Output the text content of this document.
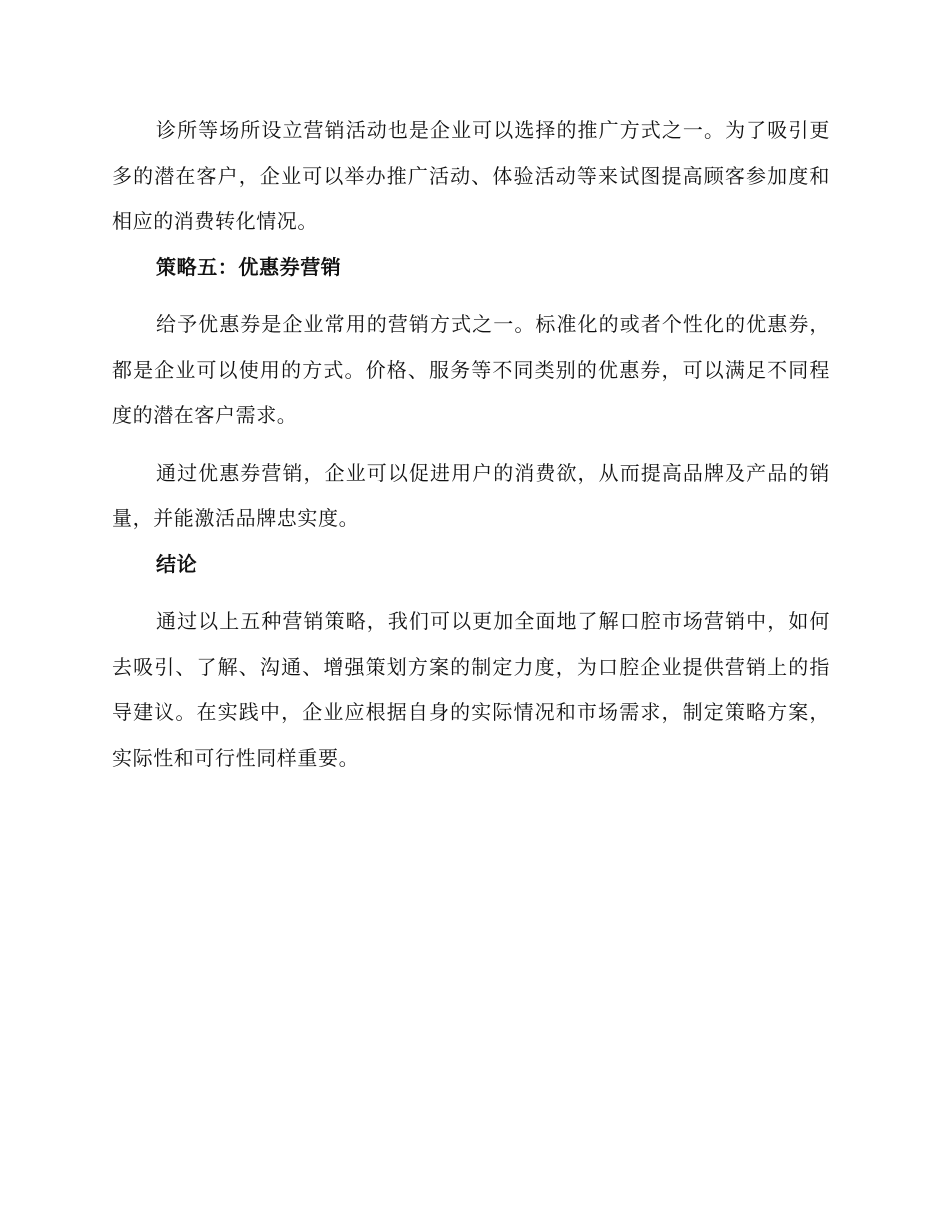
诊所等场所设立营销活动也是企业可以选择的推广方式之一。为了吸引更多的潜在客户，企业可以举办推广活动、体验活动等来试图提高顾客参加度和相应的消费转化情况。

策略五：优惠券营销

给予优惠券是企业常用的营销方式之一。标准化的或者个性化的优惠券，都是企业可以使用的方式。价格、服务等不同类别的优惠券，可以满足不同程度的潜在客户需求。

通过优惠券营销，企业可以促进用户的消费欲，从而提高品牌及产品的销量，并能激活品牌忠实度。

结论

通过以上五种营销策略，我们可以更加全面地了解口腔市场营销中，如何去吸引、了解、沟通、增强策划方案的制定力度，为口腔企业提供营销上的指导建议。在实践中，企业应根据自身的实际情况和市场需求，制定策略方案，实际性和可行性同样重要。
